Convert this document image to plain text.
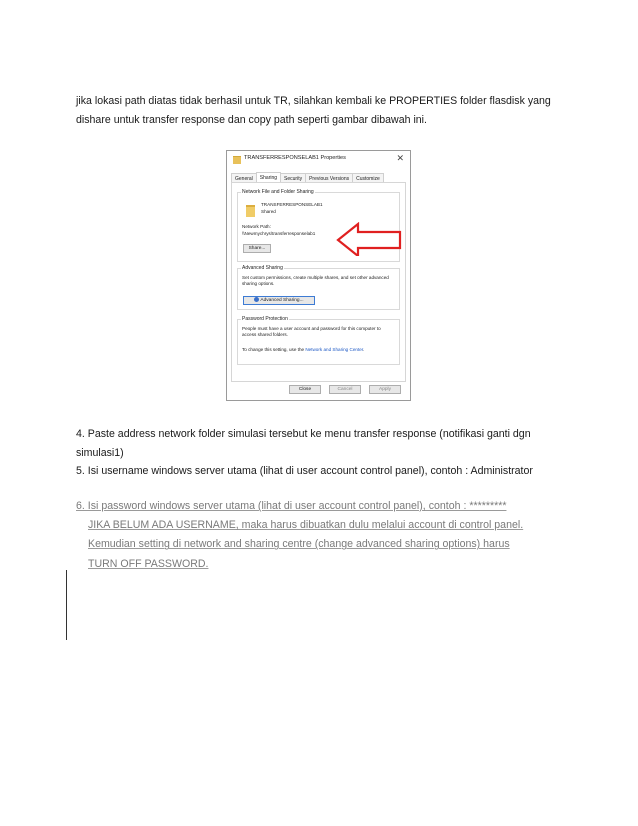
jika lokasi path diatas tidak berhasil untuk TR, silahkan kembali ke PROPERTIES folder flasdisk yang dishare untuk transfer response dan copy path seperti gambar dibawah ini.

TRANSFERRESPONSELAB1 Properties	✕
General	Sharing	Security	Previous Versions	Customize
Network File and Folder Sharing
TRANSFERRESPONSELAB1
Shared
Network Path:
\\Newmychrys\transferresponselab1
Share...
Advanced Sharing
Set custom permissions, create multiple shares, and set other advanced sharing options.
Advanced Sharing...
Password Protection
People must have a user account and password for this computer to access shared folders.
To change this setting, use the Network and Sharing Center.
Close	Cancel	Apply

4. Paste address network folder simulasi tersebut ke menu transfer response (notifikasi ganti dgn simulasi1)

5. Isi username windows server utama (lihat di user account control panel), contoh : Administrator

6. Isi password windows server utama (lihat di user account control panel), contoh : *********
JIKA BELUM ADA USERNAME, maka harus dibuatkan dulu melalui account di control panel.
Kemudian setting di network and sharing centre (change advanced sharing options) harus
TURN OFF PASSWORD.
